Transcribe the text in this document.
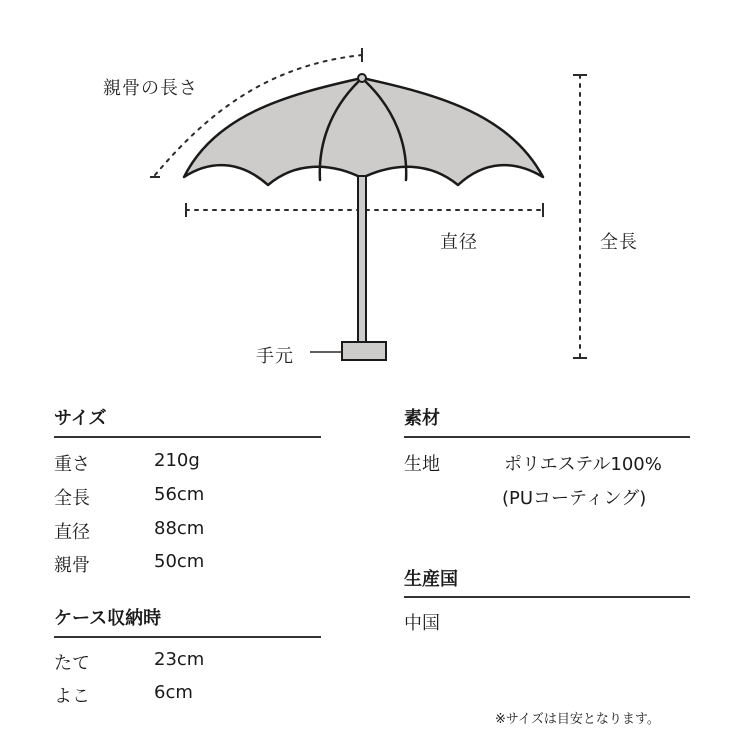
親骨の長さ
直径	全長
手元
サイズ
重さ	210g
全長	56cm
直径	88cm
親骨	50cm
ケース収納時
たて	23cm
よこ	6cm
素材
生地	ポリエステル100%
(PUコーティング)
生産国
中国
※サイズは目安となります。
